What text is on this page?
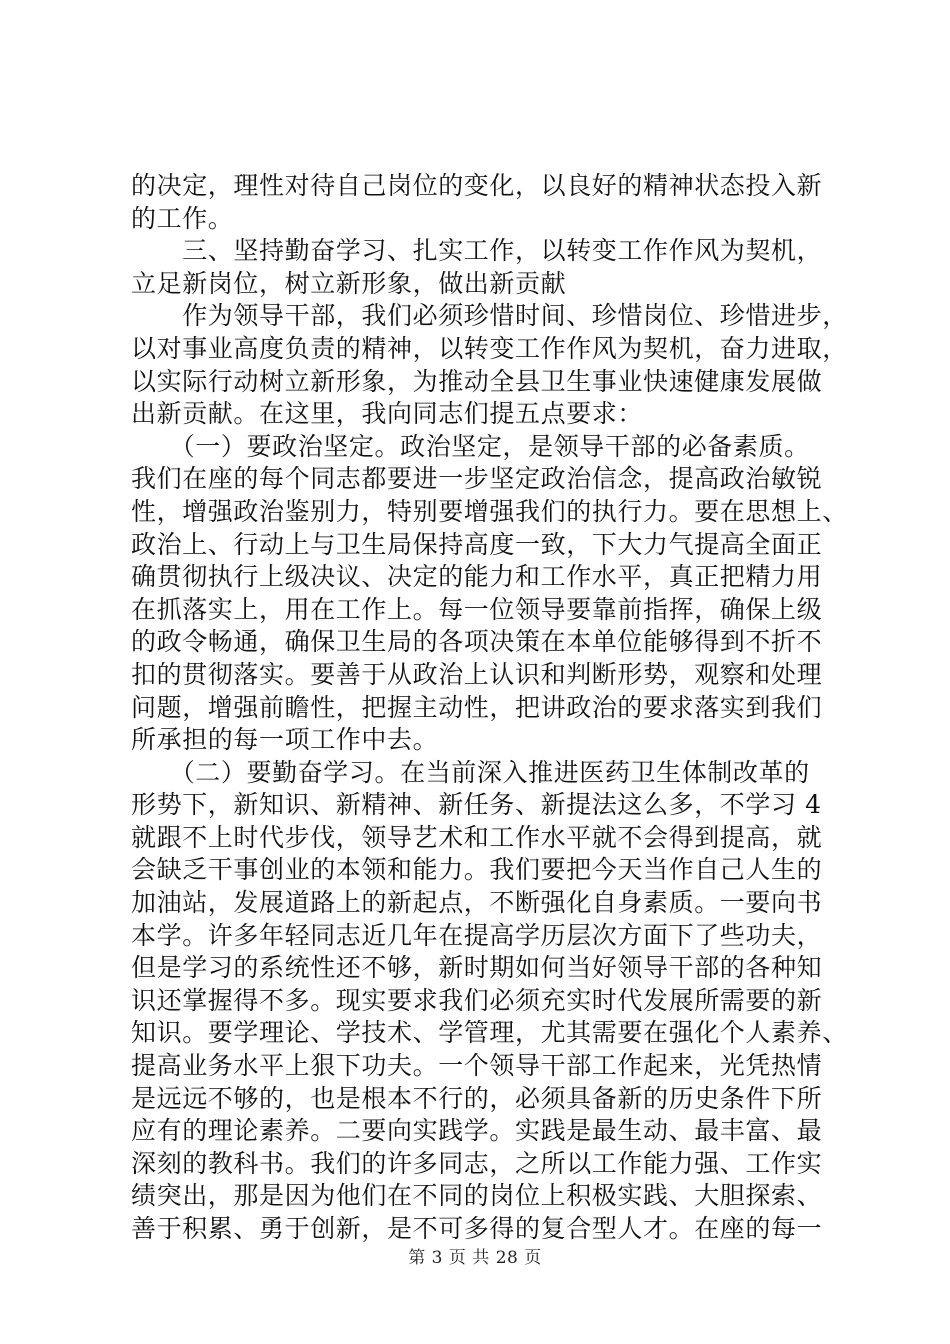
的决定，理性对待自己岗位的变化，以良好的精神状态投入新
的工作。
　　三、坚持勤奋学习、扎实工作，以转变工作作风为契机，
立足新岗位，树立新形象，做出新贡献
　　作为领导干部，我们必须珍惜时间、珍惜岗位、珍惜进步，
以对事业高度负责的精神，以转变工作作风为契机，奋力进取，
以实际行动树立新形象，为推动全县卫生事业快速健康发展做
出新贡献。在这里，我向同志们提五点要求：
　　（一）要政治坚定。政治坚定，是领导干部的必备素质。
我们在座的每个同志都要进一步坚定政治信念，提高政治敏锐
性，增强政治鉴别力，特别要增强我们的执行力。要在思想上、
政治上、行动上与卫生局保持高度一致，下大力气提高全面正
确贯彻执行上级决议、决定的能力和工作水平，真正把精力用
在抓落实上，用在工作上。每一位领导要靠前指挥，确保上级
的政令畅通，确保卫生局的各项决策在本单位能够得到不折不
扣的贯彻落实。要善于从政治上认识和判断形势，观察和处理
问题，增强前瞻性，把握主动性，把讲政治的要求落实到我们
所承担的每一项工作中去。
　　（二）要勤奋学习。在当前深入推进医药卫生体制改革的
形势下，新知识、新精神、新任务、新提法这么多，不学习 4
就跟不上时代步伐，领导艺术和工作水平就不会得到提高，就
会缺乏干事创业的本领和能力。我们要把今天当作自己人生的
加油站，发展道路上的新起点，不断强化自身素质。一要向书
本学。许多年轻同志近几年在提高学历层次方面下了些功夫，
但是学习的系统性还不够，新时期如何当好领导干部的各种知
识还掌握得不多。现实要求我们必须充实时代发展所需要的新
知识。要学理论、学技术、学管理，尤其需要在强化个人素养、
提高业务水平上狠下功夫。一个领导干部工作起来，光凭热情
是远远不够的，也是根本不行的，必须具备新的历史条件下所
应有的理论素养。二要向实践学。实践是最生动、最丰富、最
深刻的教科书。我们的许多同志，之所以工作能力强、工作实
绩突出，那是因为他们在不同的岗位上积极实践、大胆探索、
善于积累、勇于创新，是不可多得的复合型人才。在座的每一
第 3 页 共 28 页
